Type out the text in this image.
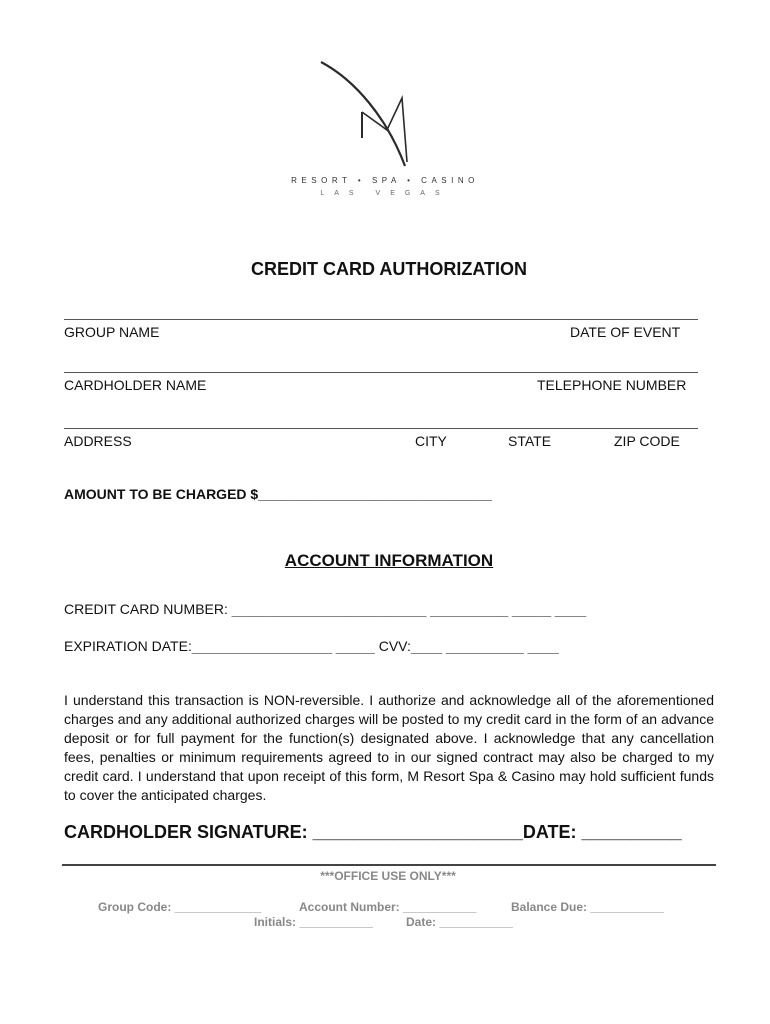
RESORT • SPA • CASINO
LAS VEGAS
CREDIT CARD AUTHORIZATION
GROUP NAME	DATE OF EVENT
CARDHOLDER NAME	TELEPHONE NUMBER
ADDRESS	CITY	STATE	ZIP CODE
AMOUNT TO BE CHARGED $______________________________
ACCOUNT INFORMATION
CREDIT CARD NUMBER: _________________________ __________ _____ ____
EXPIRATION DATE:__________________ _____ CVV:____ __________ ____
I understand this transaction is NON-reversible. I authorize and acknowledge all of the aforementioned charges and any additional authorized charges will be posted to my credit card in the form of an advance deposit or for full payment for the function(s) designated above. I acknowledge that any cancellation fees, penalties or minimum requirements agreed to in our signed contract may also be charged to my credit card. I understand that upon receipt of this form, M Resort Spa & Casino may hold sufficient funds to cover the anticipated charges.
CARDHOLDER SIGNATURE: _____________________DATE: __________
***OFFICE USE ONLY***
Group Code: _____________	Account Number: ___________	Balance Due: ___________
Initials: ___________	Date: ___________
